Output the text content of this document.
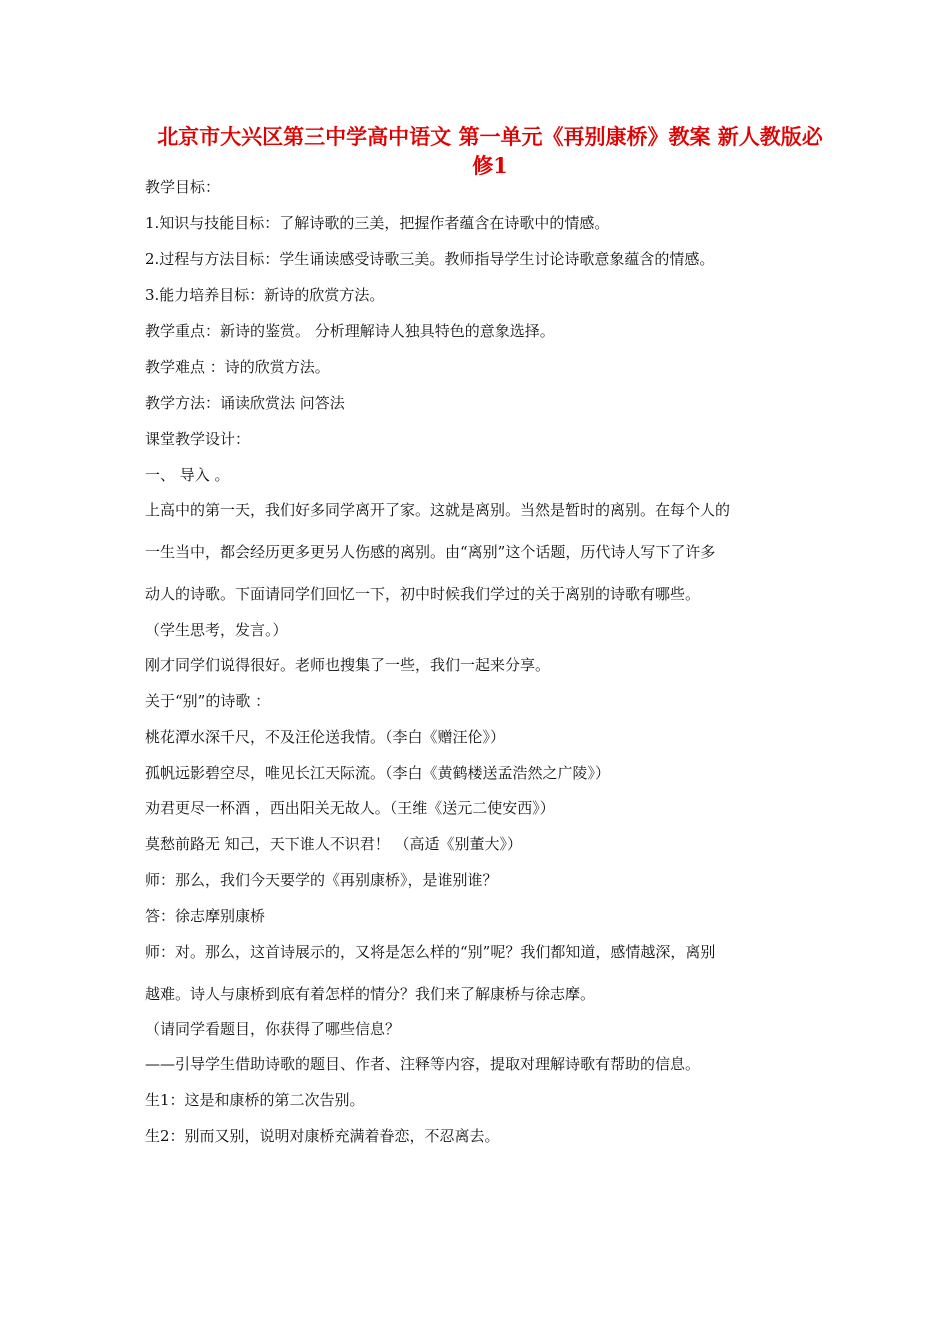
北京市大兴区第三中学高中语文 第一单元《再别康桥》教案 新人教版必修1
教学目标：
1.知识与技能目标：了解诗歌的三美，把握作者蕴含在诗歌中的情感。
2.过程与方法目标：学生诵读感受诗歌三美。教师指导学生讨论诗歌意象蕴含的情感。
3.能力培养目标：新诗的欣赏方法。
教学重点：新诗的鉴赏。 分析理解诗人独具特色的意象选择。
教学难点 ：诗的欣赏方法。
教学方法：诵读欣赏法 问答法
课堂教学设计：
一、 导入 。
上高中的第一天，我们好多同学离开了家。这就是离别。当然是暂时的离别。在每个人的
一生当中，都会经历更多更另人伤感的离别。由“离别”这个话题，历代诗人写下了许多
动人的诗歌。下面请同学们回忆一下，初中时候我们学过的关于离别的诗歌有哪些。
（学生思考，发言。）
刚才同学们说得很好。老师也搜集了一些，我们一起来分享。
关于“别”的诗歌 ：
桃花潭水深千尺，不及汪伦送我情。（李白《赠汪伦》）
孤帆远影碧空尽，唯见长江天际流。（李白《黄鹤楼送孟浩然之广陵》）
劝君更尽一杯酒 ，西出阳关无故人。（王维《送元二使安西》）
莫愁前路无 知己，天下谁人不识君！ （高适《别董大》）
师：那么，我们今天要学的《再别康桥》，是谁别谁？
答：徐志摩别康桥
师：对。那么，这首诗展示的，又将是怎么样的“别”呢？我们都知道，感情越深，离别
越难。诗人与康桥到底有着怎样的情分？我们来了解康桥与徐志摩。
（请同学看题目，你获得了哪些信息？
——引导学生借助诗歌的题目、作者、注释等内容，提取对理解诗歌有帮助的信息。
生1：这是和康桥的第二次告别。
生2：别而又别，说明对康桥充满着眷恋，不忍离去。
